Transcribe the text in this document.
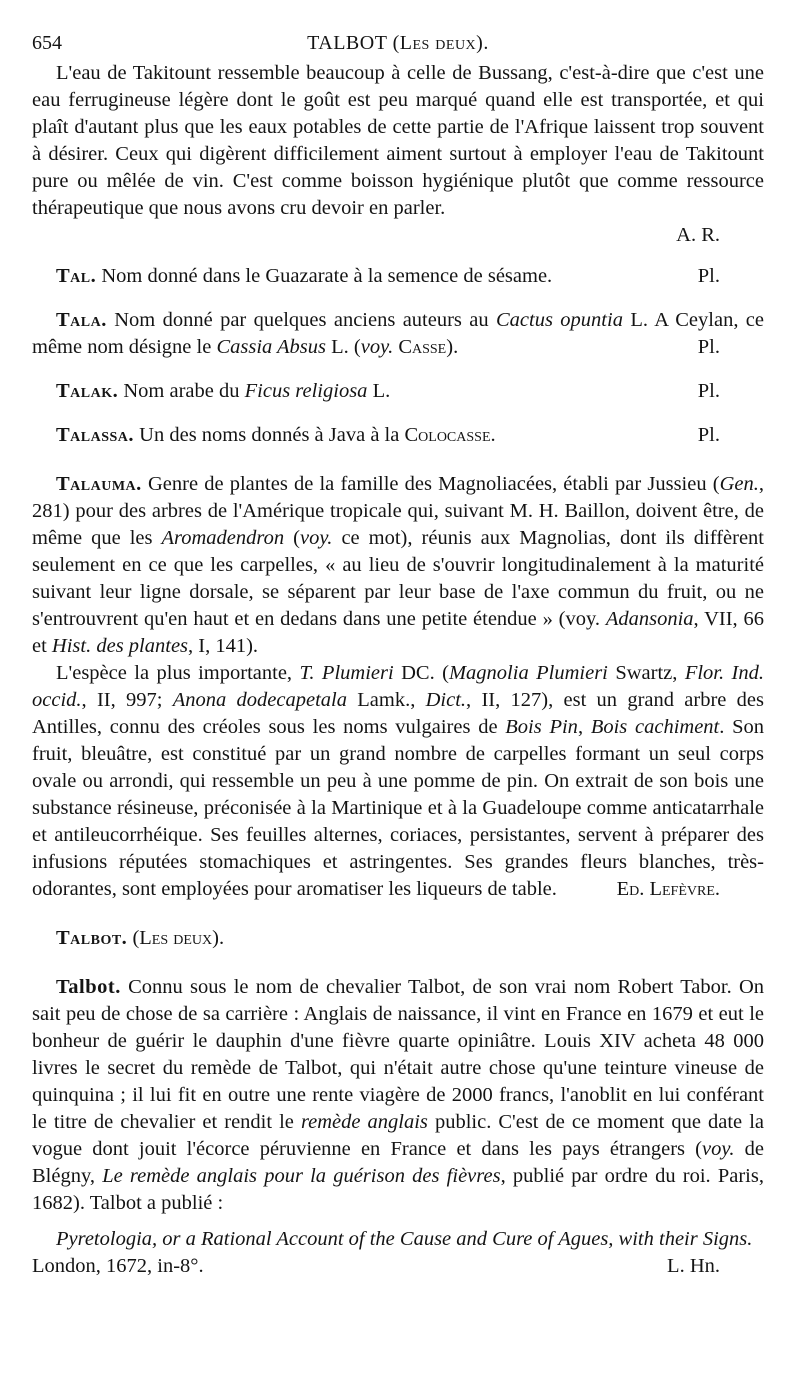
654	TALBOT (Les deux).

L'eau de Takitount ressemble beaucoup à celle de Bussang, c'est-à-dire que c'est une eau ferrugineuse légère dont le goût est peu marqué quand elle est transportée, et qui plaît d'autant plus que les eaux potables de cette partie de l'Afrique laissent trop souvent à désirer. Ceux qui digèrent difficilement aiment surtout à employer l'eau de Takitount pure ou mêlée de vin. C'est comme boisson hygiénique plutôt que comme ressource thérapeutique que nous avons cru devoir en parler.

A. R.

Tal. Nom donné dans le Guazarate à la semence de sésame.	Pl.

Tala. Nom donné par quelques anciens auteurs au Cactus opuntia L. A Ceylan, ce même nom désigne le Cassia Absus L. (voy. Casse).	Pl.

Talak. Nom arabe du Ficus religiosa L.	Pl.

Talassa. Un des noms donnés à Java à la Colocasse.	Pl.

Talauma. Genre de plantes de la famille des Magnoliacées, établi par Jussieu (Gen., 281) pour des arbres de l'Amérique tropicale qui, suivant M. H. Baillon, doivent être, de même que les Aromadendron (voy. ce mot), réunis aux Magnolias, dont ils diffèrent seulement en ce que les carpelles, « au lieu de s'ouvrir longitudinalement à la maturité suivant leur ligne dorsale, se séparent par leur base de l'axe commun du fruit, ou ne s'entrouvrent qu'en haut et en dedans dans une petite étendue » (voy. Adansonia, VII, 66 et Hist. des plantes, I, 141).

L'espèce la plus importante, T. Plumieri DC. (Magnolia Plumieri Swartz, Flor. Ind. occid., II, 997; Anona dodecapetala Lamk., Dict., II, 127), est un grand arbre des Antilles, connu des créoles sous les noms vulgaires de Bois Pin, Bois cachiment. Son fruit, bleuâtre, est constitué par un grand nombre de carpelles formant un seul corps ovale ou arrondi, qui ressemble un peu à une pomme de pin. On extrait de son bois une substance résineuse, préconisée à la Martinique et à la Guadeloupe comme anticatarrhale et antileucorrhéique. Ses feuilles alternes, coriaces, persistantes, servent à préparer des infusions réputées stomachiques et astringentes. Ses grandes fleurs blanches, très-odorantes, sont employées pour aromatiser les liqueurs de table.	Ed. Lefèvre.

Talbot. (Les deux).

Talbot. Connu sous le nom de chevalier Talbot, de son vrai nom Robert Tabor. On sait peu de chose de sa carrière : Anglais de naissance, il vint en France en 1679 et eut le bonheur de guérir le dauphin d'une fièvre quarte opiniâtre. Louis XIV acheta 48 000 livres le secret du remède de Talbot, qui n'était autre chose qu'une teinture vineuse de quinquina ; il lui fit en outre une rente viagère de 2000 francs, l'anoblit en lui conférant le titre de chevalier et rendit le remède anglais public. C'est de ce moment que date la vogue dont jouit l'écorce péruvienne en France et dans les pays étrangers (voy. de Blégny, Le remède anglais pour la guérison des fièvres, publié par ordre du roi. Paris, 1682). Talbot a publié :

Pyretologia, or a Rational Account of the Cause and Cure of Agues, with their Signs.
London, 1672, in-8°.	L. Hn.
